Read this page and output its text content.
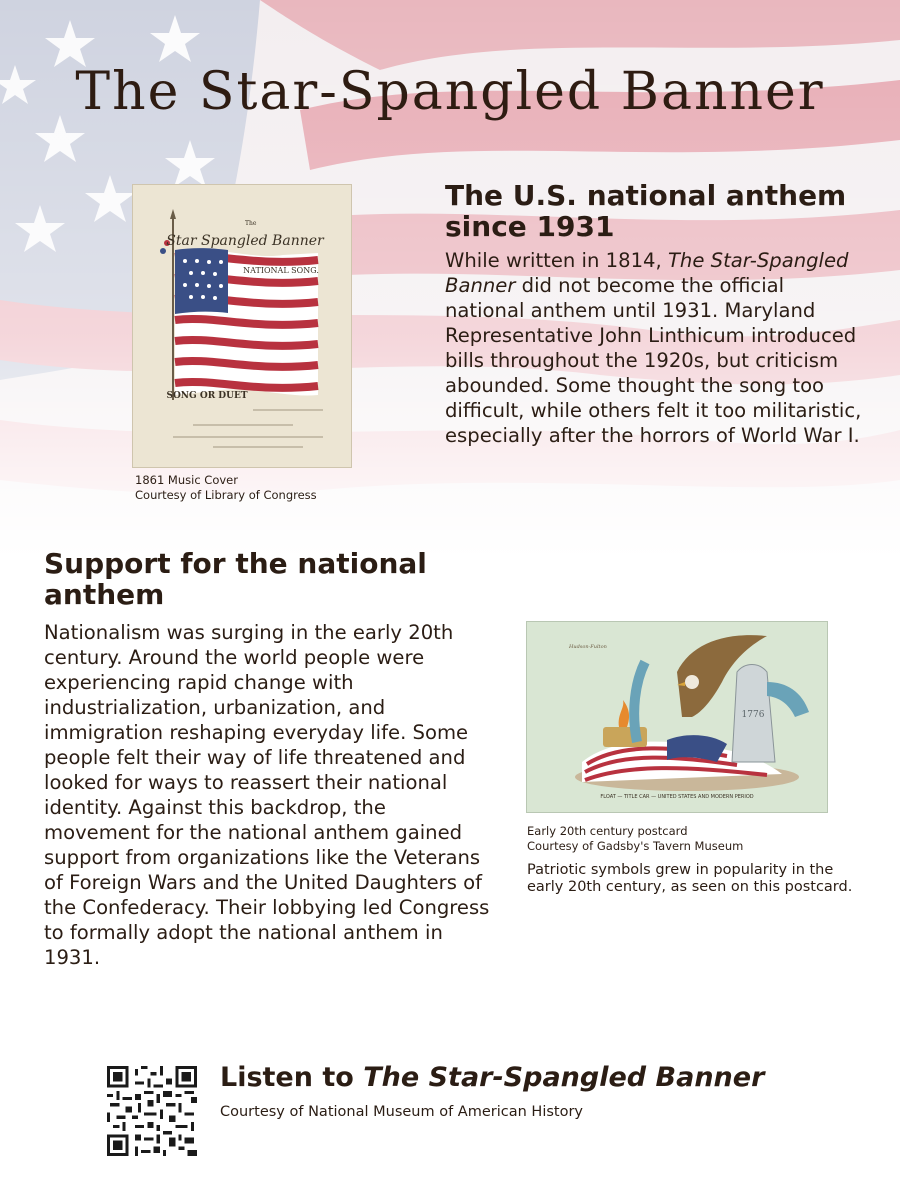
The Star-Spangled Banner
The
Star Spangled Banner
NATIONAL SONG.
SONG OR DUET
1861 Music Cover
Courtesy of Library of Congress
The U.S. national anthem since 1931

While written in 1814, The Star-Spangled Banner did not become the official national anthem until 1931. Maryland Representative John Linthicum introduced bills throughout the 1920s, but criticism abounded. Some thought the song too difficult, while others felt it too militaristic, especially after the horrors of World War I.

Support for the national anthem

Nationalism was surging in the early 20th century. Around the world people were experiencing rapid change with industrialization, urbanization, and immigration reshaping everyday life. Some people felt their way of life threatened and looked for ways to reassert their national identity. Against this backdrop, the movement for the national anthem gained support from organizations like the Veterans of Foreign Wars and the United Daughters of the Confederacy. Their lobbying led Congress to formally adopt the national anthem in 1931.

Hudson-Fulton
1776
FLOAT — TITLE CAR — UNITED STATES AND MODERN PERIOD
Early 20th century postcard
Courtesy of Gadsby's Tavern Museum

Patriotic symbols grew in popularity in the early 20th century, as seen on this postcard.

Listen to The Star-Spangled Banner
Courtesy of National Museum of American History
